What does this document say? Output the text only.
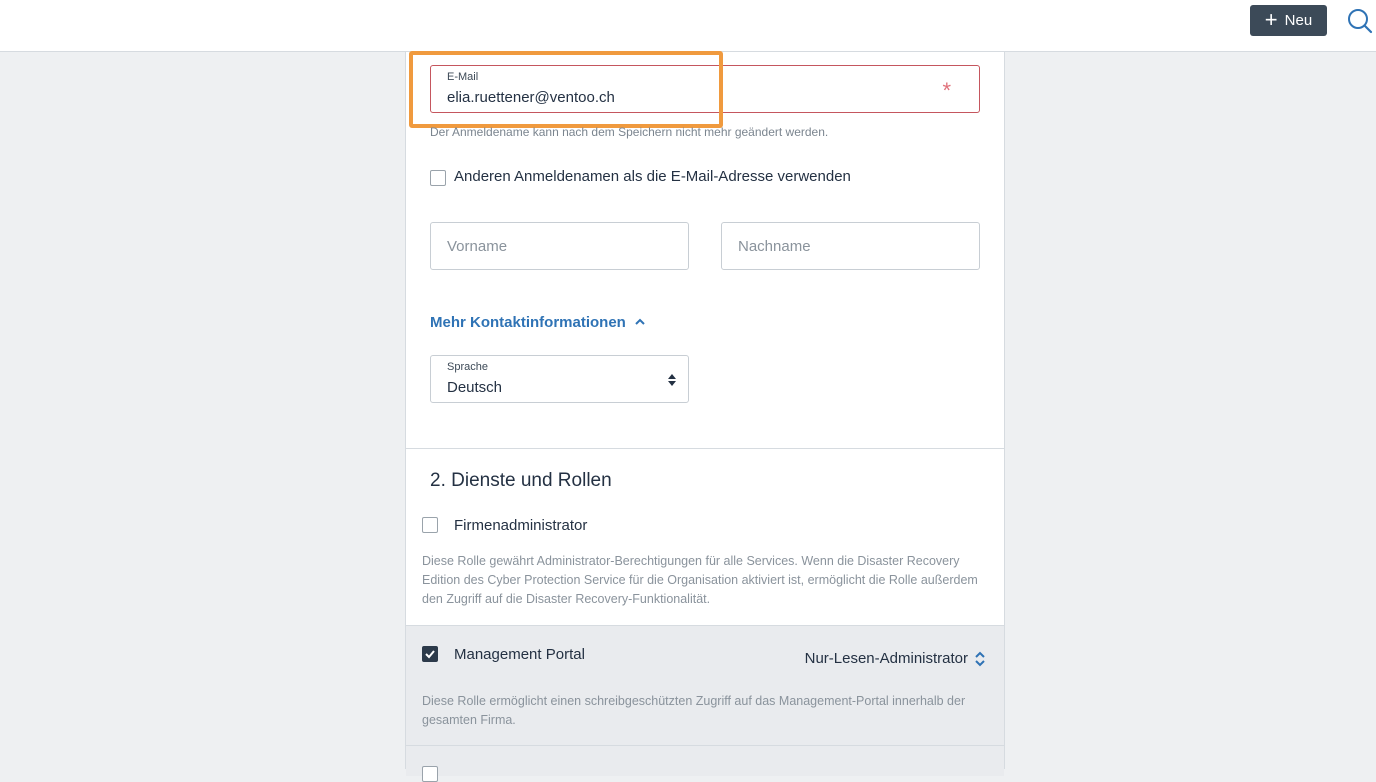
+ Neu
E-Mail
elia.ruettener@ventoo.ch	*
Der Anmeldename kann nach dem Speichern nicht mehr geändert werden.
Anderen Anmeldenamen als die E-Mail-Adresse verwenden
Vorname	Nachname
Mehr Kontaktinformationen
Sprache
Deutsch
2. Dienste und Rollen
Firmenadministrator
Diese Rolle gewährt Administrator-Berechtigungen für alle Services. Wenn die Disaster Recovery Edition des Cyber Protection Service für die Organisation aktiviert ist, ermöglicht die Rolle außerdem den Zugriff auf die Disaster Recovery-Funktionalität.
Management Portal	Nur-Lesen-Administrator
Diese Rolle ermöglicht einen schreibgeschützten Zugriff auf das Management-Portal innerhalb der gesamten Firma.
